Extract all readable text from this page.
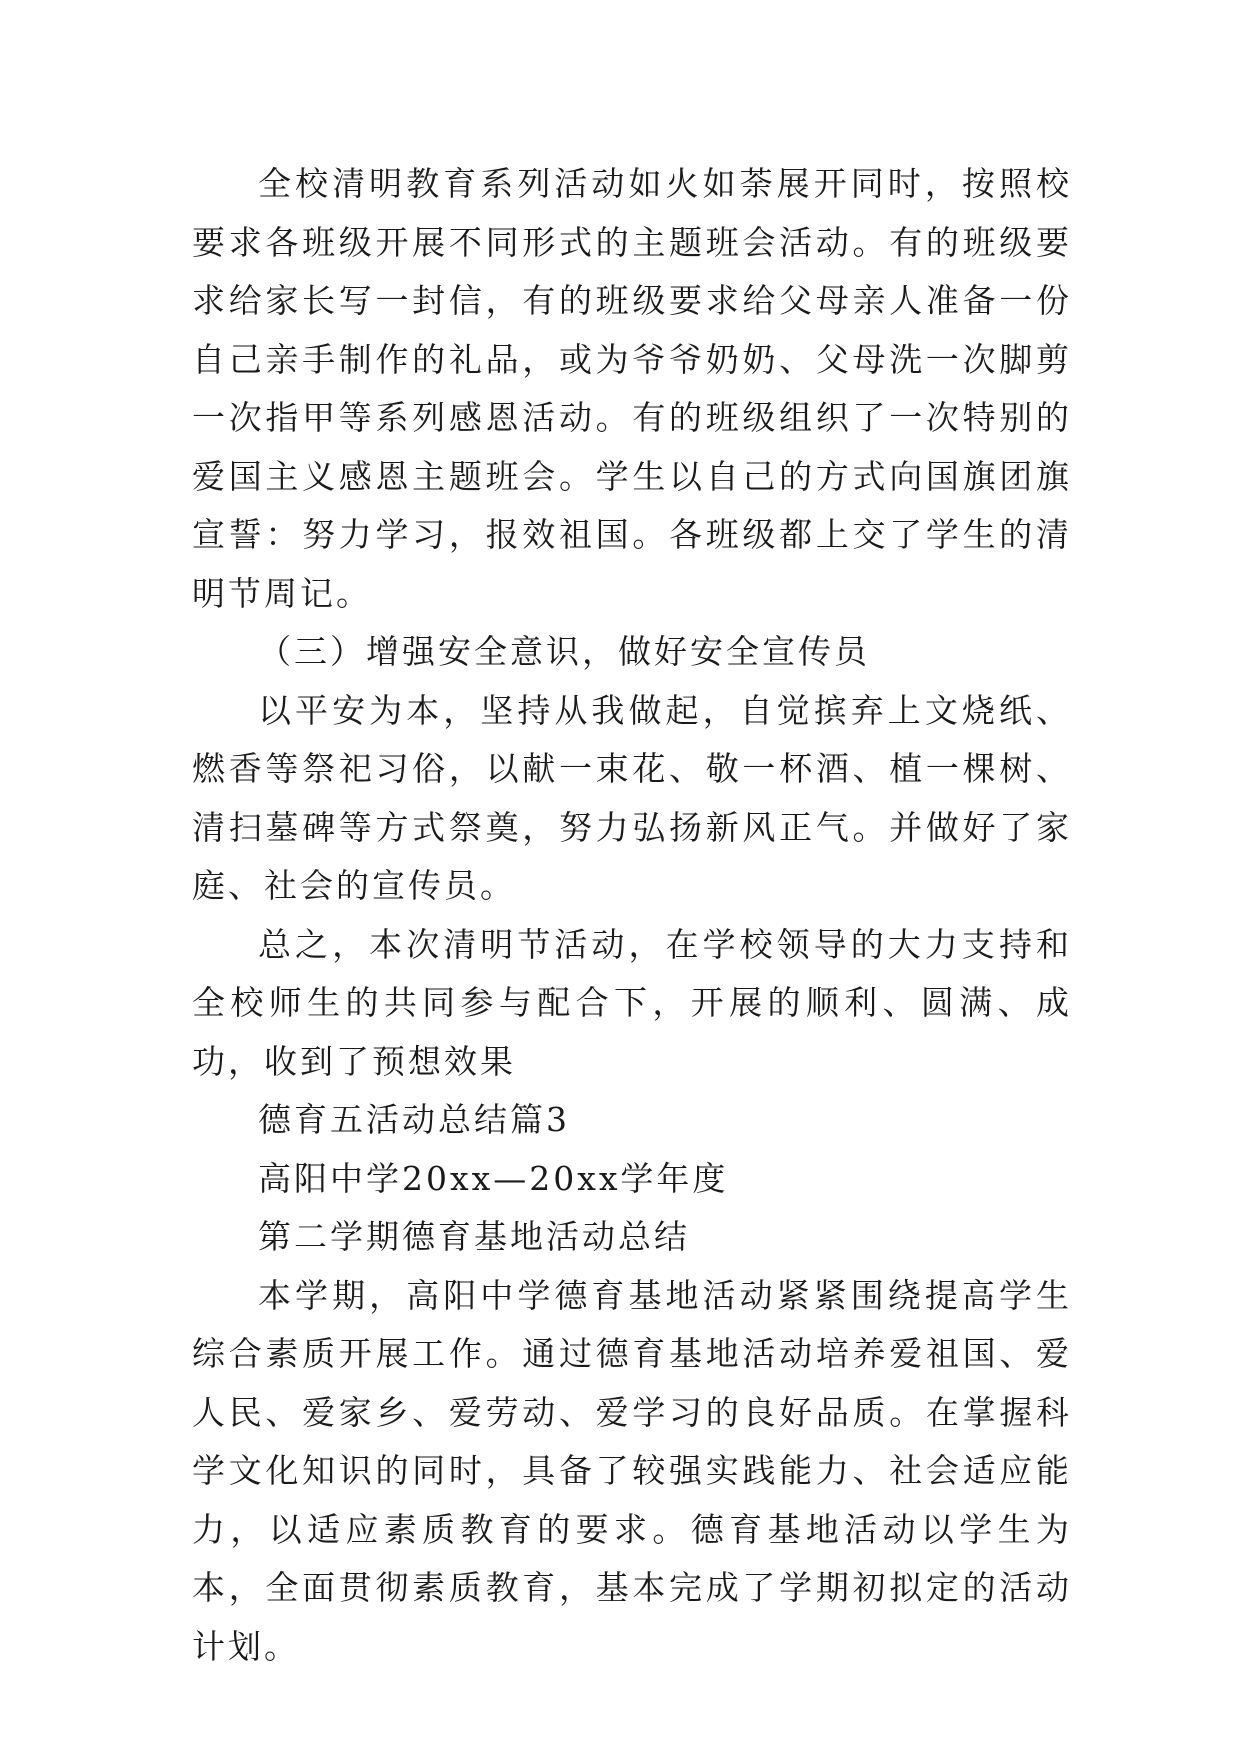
全校清明教育系列活动如火如荼展开同时，按照校要求各班级开展不同形式的主题班会活动。有的班级要求给家长写一封信，有的班级要求给父母亲人准备一份自己亲手制作的礼品，或为爷爷奶奶、父母洗一次脚剪一次指甲等系列感恩活动。有的班级组织了一次特别的爱国主义感恩主题班会。学生以自己的方式向国旗团旗宣誓：努力学习，报效祖国。各班级都上交了学生的清明节周记。

（三）增强安全意识，做好安全宣传员

以平安为本，坚持从我做起，自觉摈弃上文烧纸、燃香等祭祀习俗，以献一束花、敬一杯酒、植一棵树、清扫墓碑等方式祭奠，努力弘扬新风正气。并做好了家庭、社会的宣传员。

总之，本次清明节活动，在学校领导的大力支持和全校师生的共同参与配合下，开展的顺利、圆满、成功，收到了预想效果

德育五活动总结篇3

高阳中学20xx—20xx学年度

第二学期德育基地活动总结

本学期，高阳中学德育基地活动紧紧围绕提高学生综合素质开展工作。通过德育基地活动培养爱祖国、爱人民、爱家乡、爱劳动、爱学习的良好品质。在掌握科学文化知识的同时，具备了较强实践能力、社会适应能力，以适应素质教育的要求。德育基地活动以学生为本，全面贯彻素质教育，基本完成了学期初拟定的活动计划。
